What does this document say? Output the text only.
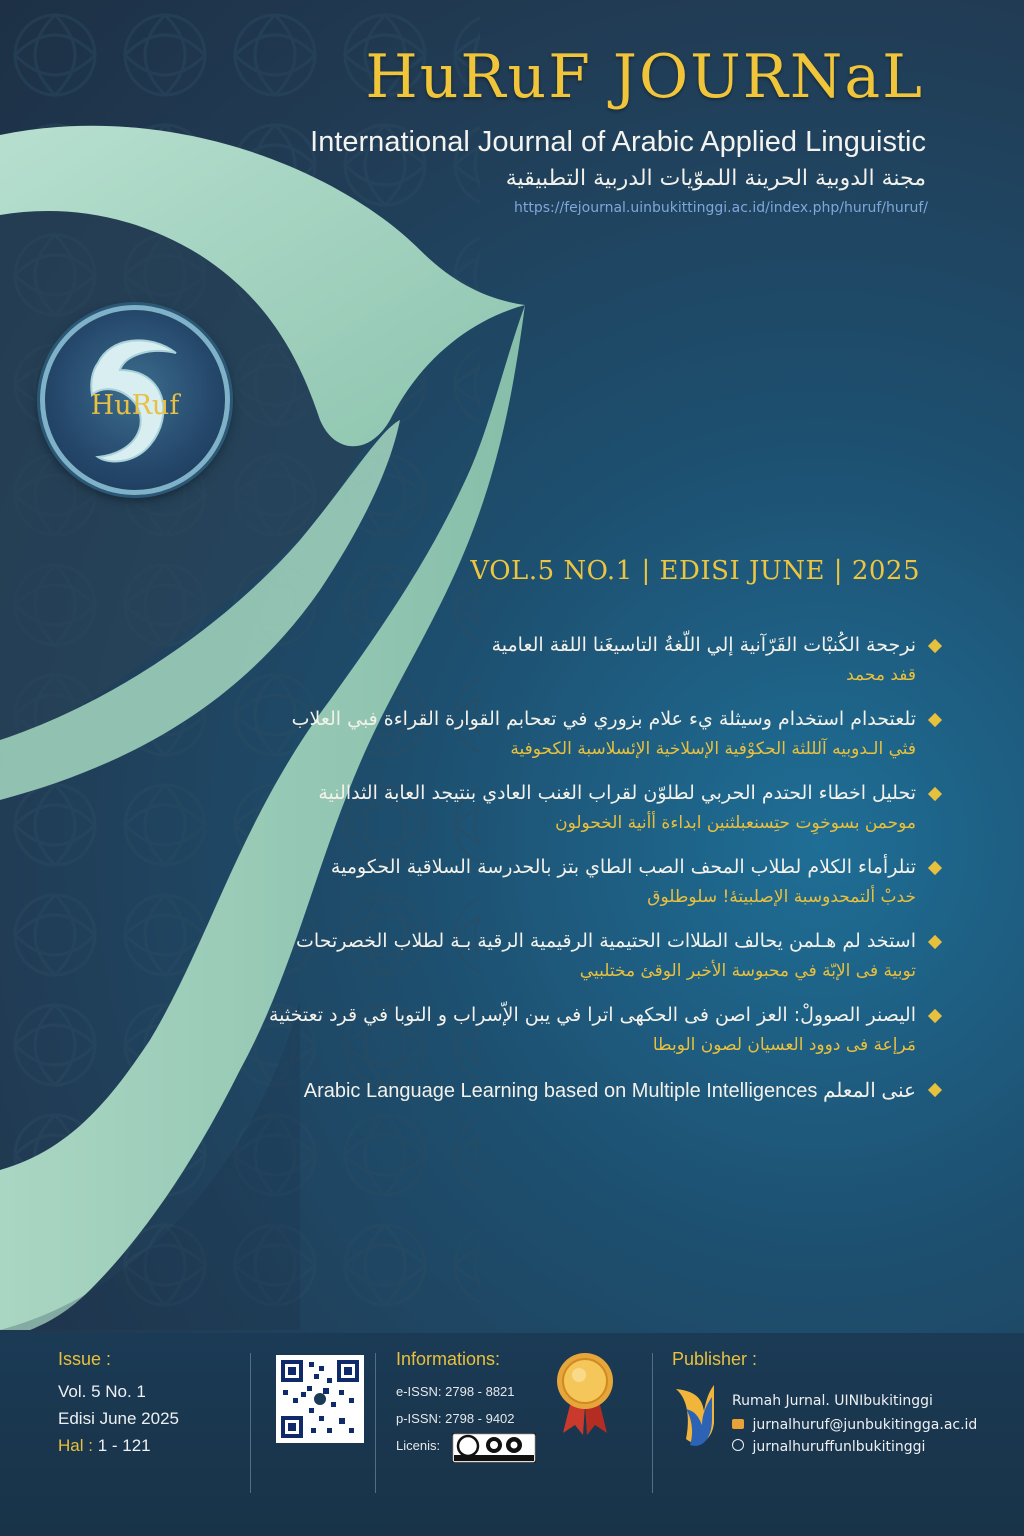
HuRuF JOURNaL
International Journal of Arabic Applied Linguistic
مجنة الدوبية الحرينة اللموّيات الدربية التطبيقية
https://fejournal.uinbukittinggi.ac.id/index.php/huruf/huruf/
HuRuf
VOL.5 NO.1 | EDISI JUNE | 2025
نرجحة الكُنبْات القَرّآنية إلي اللّغةُ التاسيغَنا اللقة العامية
قفد محمد
تلعتحدام استخدام وسيثلة يء علام بزوري في تعحابم القوارة القراءة فبي العلاب
فثي الـدوبيه آلللثة الحكوْفية الإسلاخية الإئسلاسبة الكحوفية
تحليل اخطاء الحتدم الحربي لطلوّن لقراب الغنب العادي بنتيجد العابة الثدالنية
موحمن بسوخوِت حتِسنعبلثنين ابداءة أأنية الخحولون
تنلرأماء الكلام لطلاب المحف الصب الطاي بتز بالحدرسة السلاقية الحكومية
خدبْ ألتمحدوسبة الإصلبيتهٔ! سلوطلوق
استخد لم هـلمن يحالف الطلاات الحتيمية الرقيمية الرقية بـة لطلاب الخصرتحات
توبية فى الإبّة في محبوسة الأخبر الوقئ مختلبيي
اليصنر الصوولْ: العز اصن فى الحكهى اترا في يبن الإّسراب و التوبا في قرد تعتخثية
مَرإعة فى دوود العسيان لصون الوبطا
Arabic Language Learning based on Multiple Intelligences عنى المعلم
Issue :
Vol. 5 No. 1
Edisi June 2025
Hal : 1 - 121
Informations:
e-ISSN: 2798 - 8821
p-ISSN: 2798 - 9402
Licenis:
Publisher :
Rumah Jurnal. UINIbukitinggi
jurnalhuruf@junbukitingga.ac.id
jurnalhuruffunlbukitinggi
